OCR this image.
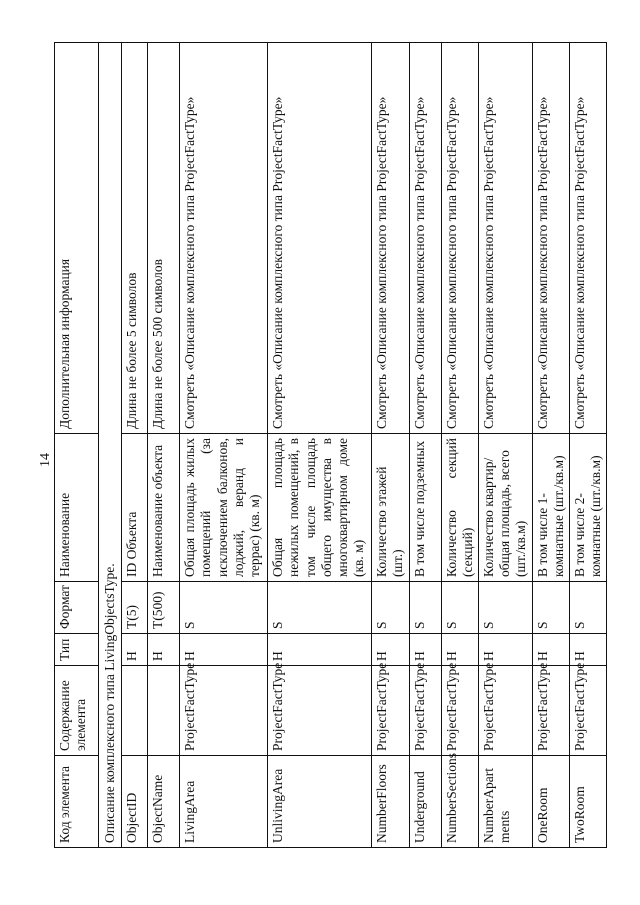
14
Код элемента	Содержание элемента	Тип	Формат	Наименование	Дополнительная информация
Описание комплексного типа LivingObjectsType.					
ObjectID		Н	T(5)	ID Объекта	Длина не более 5 символов
ObjectName		Н	T(500)	Наименование объекта	Длина не более 500 символов
LivingArea	ProjectFactType	Н	S	Общая площадь жилых помещений (за исключением балконов, лоджий, веранд и террас) (кв. м)	Смотреть «Описание комплексного типа ProjectFactType»
UnlivingArea	ProjectFactType	Н	S	Общая площадь нежилых помещений, в том числе площадь общего имущества в многоквартирном доме (кв. м)	Смотреть «Описание комплексного типа ProjectFactType»
NumberFloors	ProjectFactType	Н	S	Количество этажей (шт.)	Смотреть «Описание комплексного типа ProjectFactType»
Underground	ProjectFactType	Н	S	В том числе подземных	Смотреть «Описание комплексного типа ProjectFactType»
NumberSections	ProjectFactType	Н	S	Количество секций (секций)	Смотреть «Описание комплексного типа ProjectFactType»
NumberApartments	ProjectFactType	Н	S	Количество квартир/общая площадь, всего (шт./кв.м)	Смотреть «Описание комплексного типа ProjectFactType»
OneRoom	ProjectFactType	Н	S	В том числе 1-комнатные (шт./кв.м)	Смотреть «Описание комплексного типа ProjectFactType»
TwoRoom	ProjectFactType	Н	S	В том числе 2-комнатные (шт./кв.м)	Смотреть «Описание комплексного типа ProjectFactType»
